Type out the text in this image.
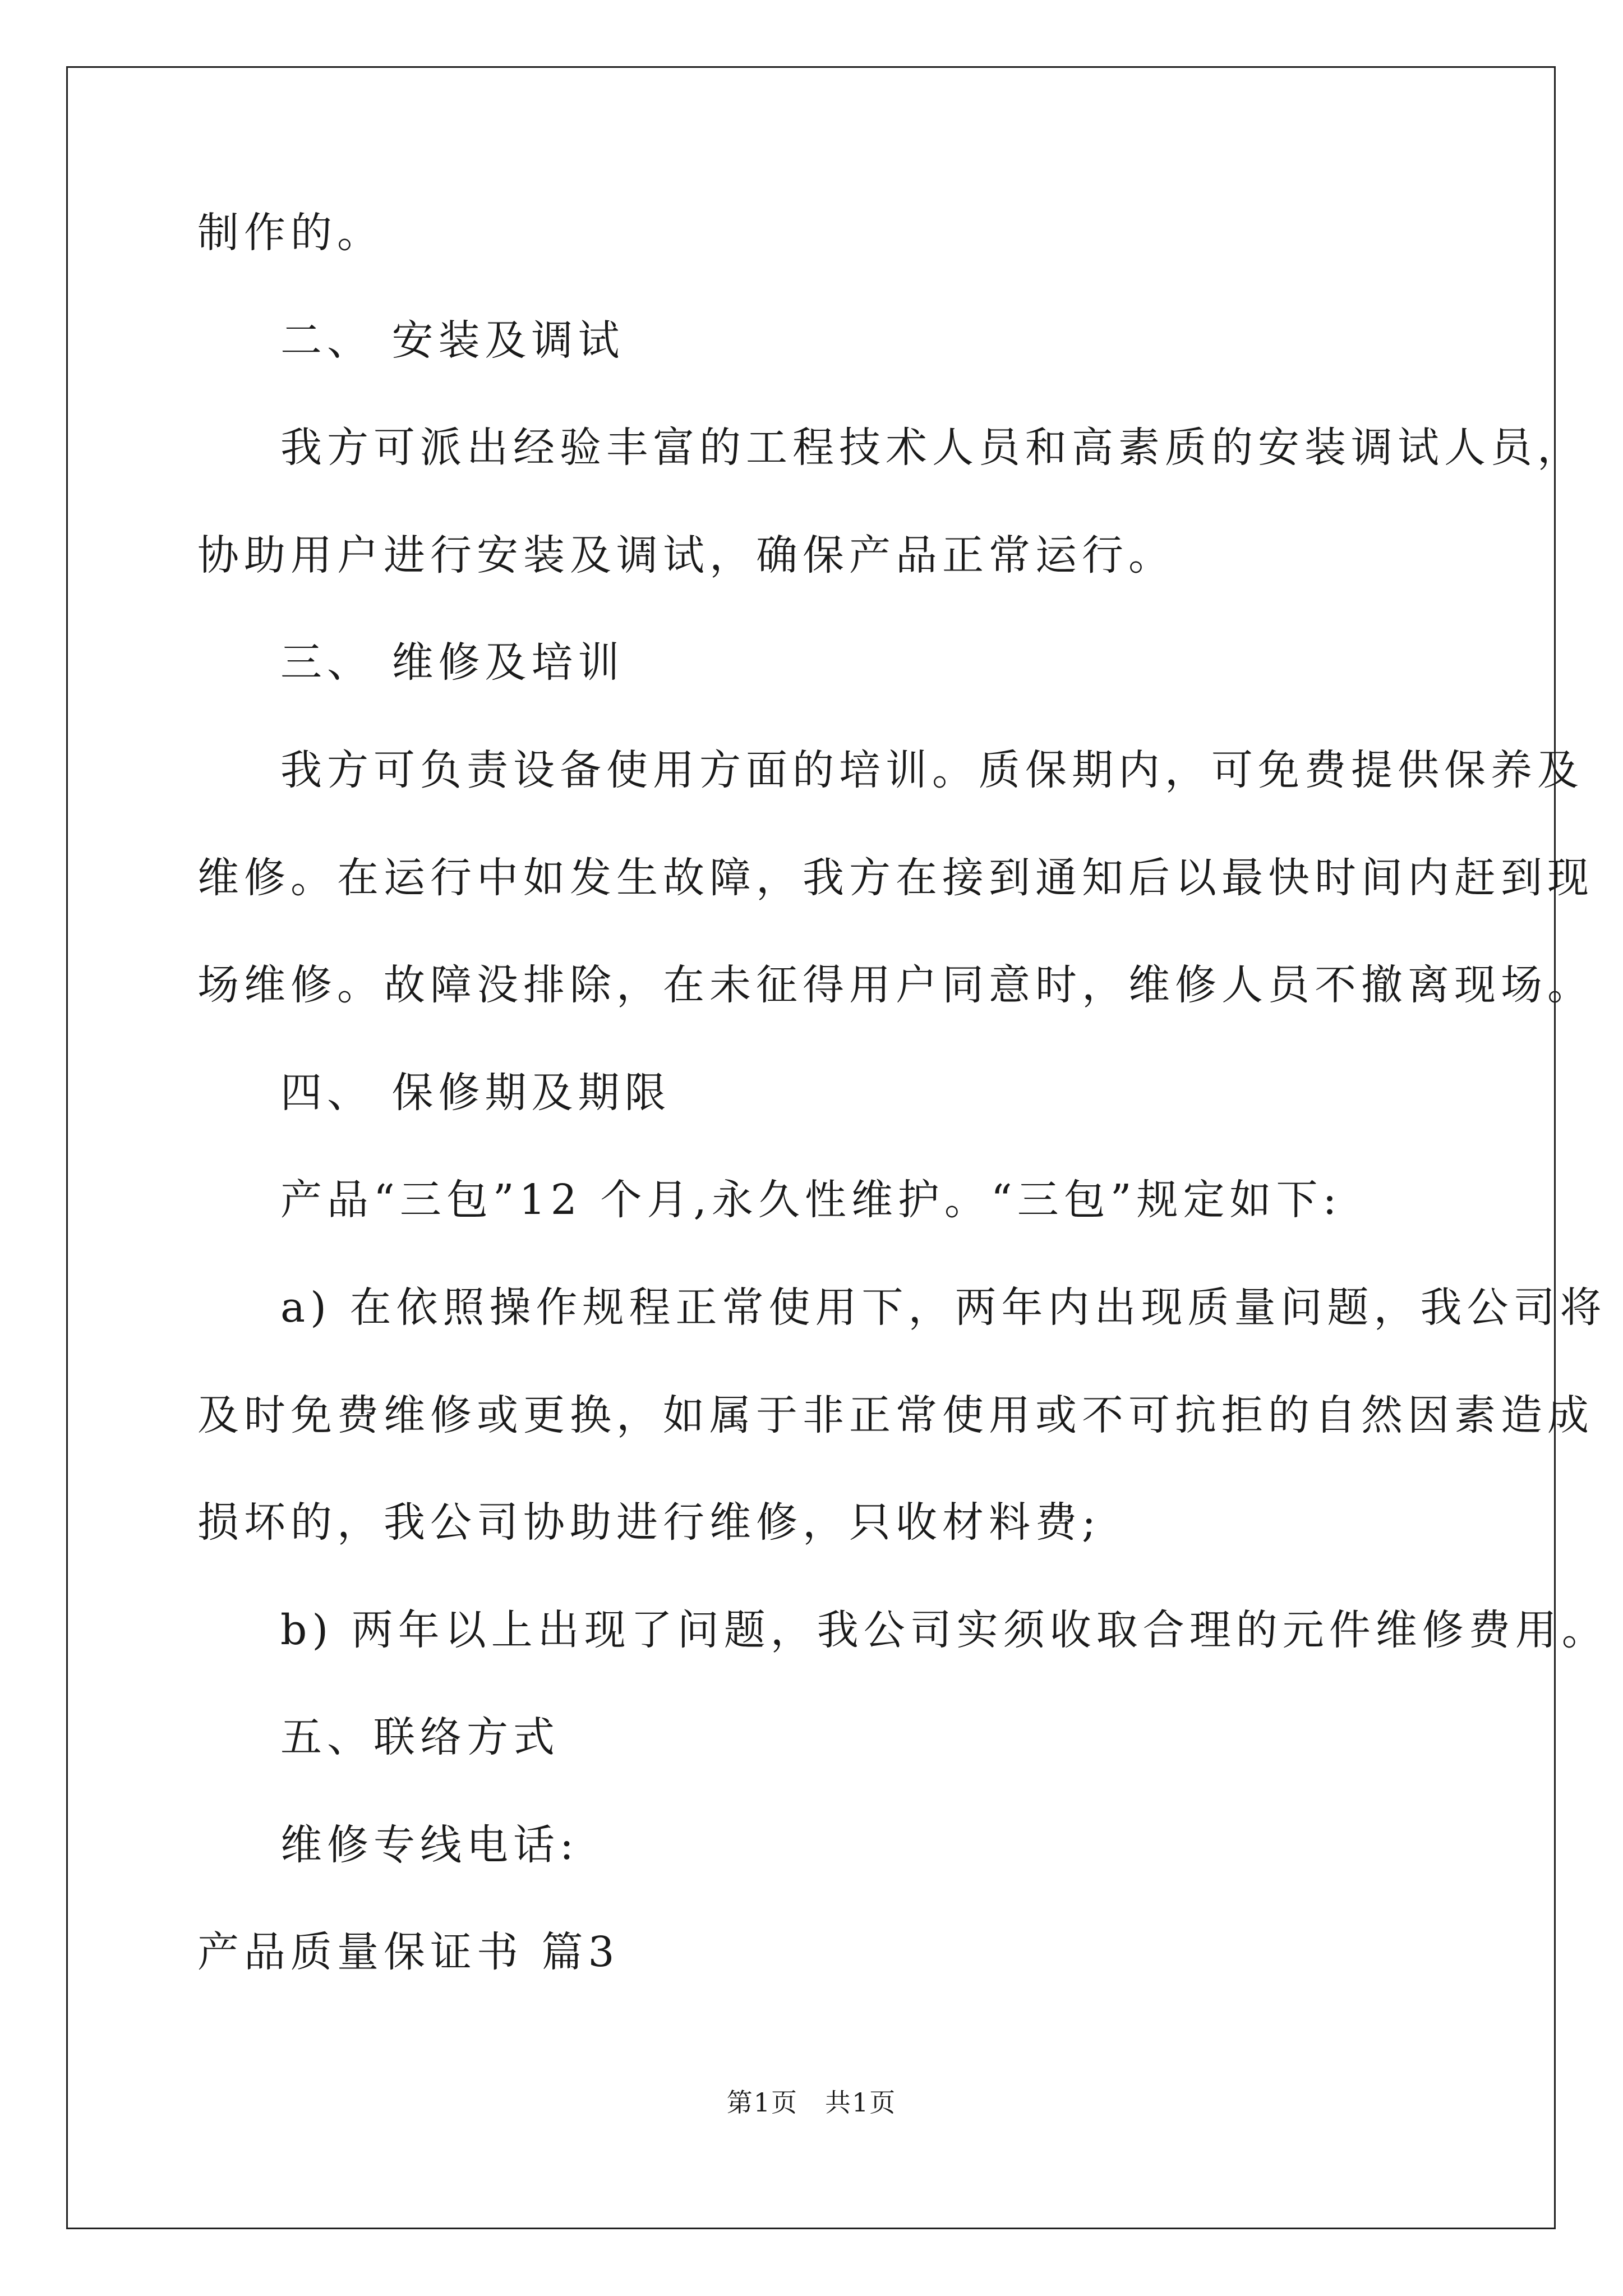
制作的。
二、 安装及调试
我方可派出经验丰富的工程技术人员和高素质的安装调试人员，
协助用户进行安装及调试，确保产品正常运行。
三、 维修及培训
我方可负责设备使用方面的培训。质保期内，可免费提供保养及
维修。在运行中如发生故障，我方在接到通知后以最快时间内赶到现
场维修。故障没排除，在未征得用户同意时，维修人员不撤离现场。
四、 保修期及期限
产品“三包”12 个月,永久性维护。“三包”规定如下:
a) 在依照操作规程正常使用下，两年内出现质量问题，我公司将
及时免费维修或更换，如属于非正常使用或不可抗拒的自然因素造成
损坏的，我公司协助进行维修，只收材料费;
b) 两年以上出现了问题，我公司实须收取合理的元件维修费用。
五、联络方式
维修专线电话:
产品质量保证书 篇3
第1页　共1页
